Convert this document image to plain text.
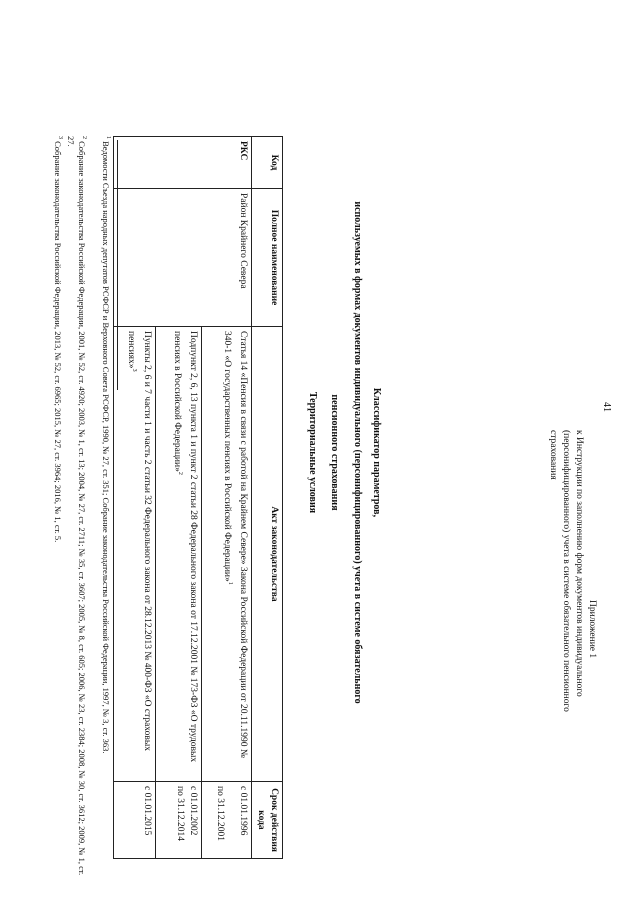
41
Приложение 1
к Инструкции по заполнению форм документов индивидуального
(персонифицированного) учета в системе обязательного пенсионного
страхования
Классификатор параметров,
используемых в формах документов индивидуального (персонифицированного) учета в системе обязательного
пенсионного страхования
Территориальные условия
Код	Полное наименование	Акт законодательства	Срок действия кода
РКС	Район Крайнего Севера	Статья 14 «Пенсия в связи с работой на Крайнем Севере» Закона Российской Федерации от 20.11.1990 № 340-1 «О государственных пенсиях в Российской Федерации»$^1$	с 01.01.1996
по 31.12.2001

		Подпункт 2, 6, 13 пункта 1 и пункт 2 статьи 28 Федерального закона от 17.12.2001 № 173-ФЗ «О трудовых пенсиях в Российской Федерации»$^2$	с 01.01.2002
по 31.12.2014

		Пункты 2, 6 и 7 части 1 и часть 2 статьи 32 Федерального закона от 28.12.2013 № 400-ФЗ «О страховых пенсиях»$^3$	с 01.01.2015
$^1$ Ведомости Съезда народных депутатов РСФСР и Верховного Совета РСФСР, 1990, № 27, ст. 351; Собрание законодательства Российской Федерации, 1997, № 3, ст. 363.
$^2$ Собрание законодательства Российской Федерации, 2001, № 52, ст. 4920; 2003, № 1, ст. 13; 2004, № 27, ст. 2711; № 35, ст. 3607; 2005, № 8, ст. 605; 2006, № 23, ст. 2384; 2008, № 30, ст. 3612; 2009, № 1, ст. 27.
$^3$ Собрание законодательства Российской Федерации, 2013, № 52, ст. 6965; 2015, № 27, ст. 3964; 2016, № 1, ст. 5.
